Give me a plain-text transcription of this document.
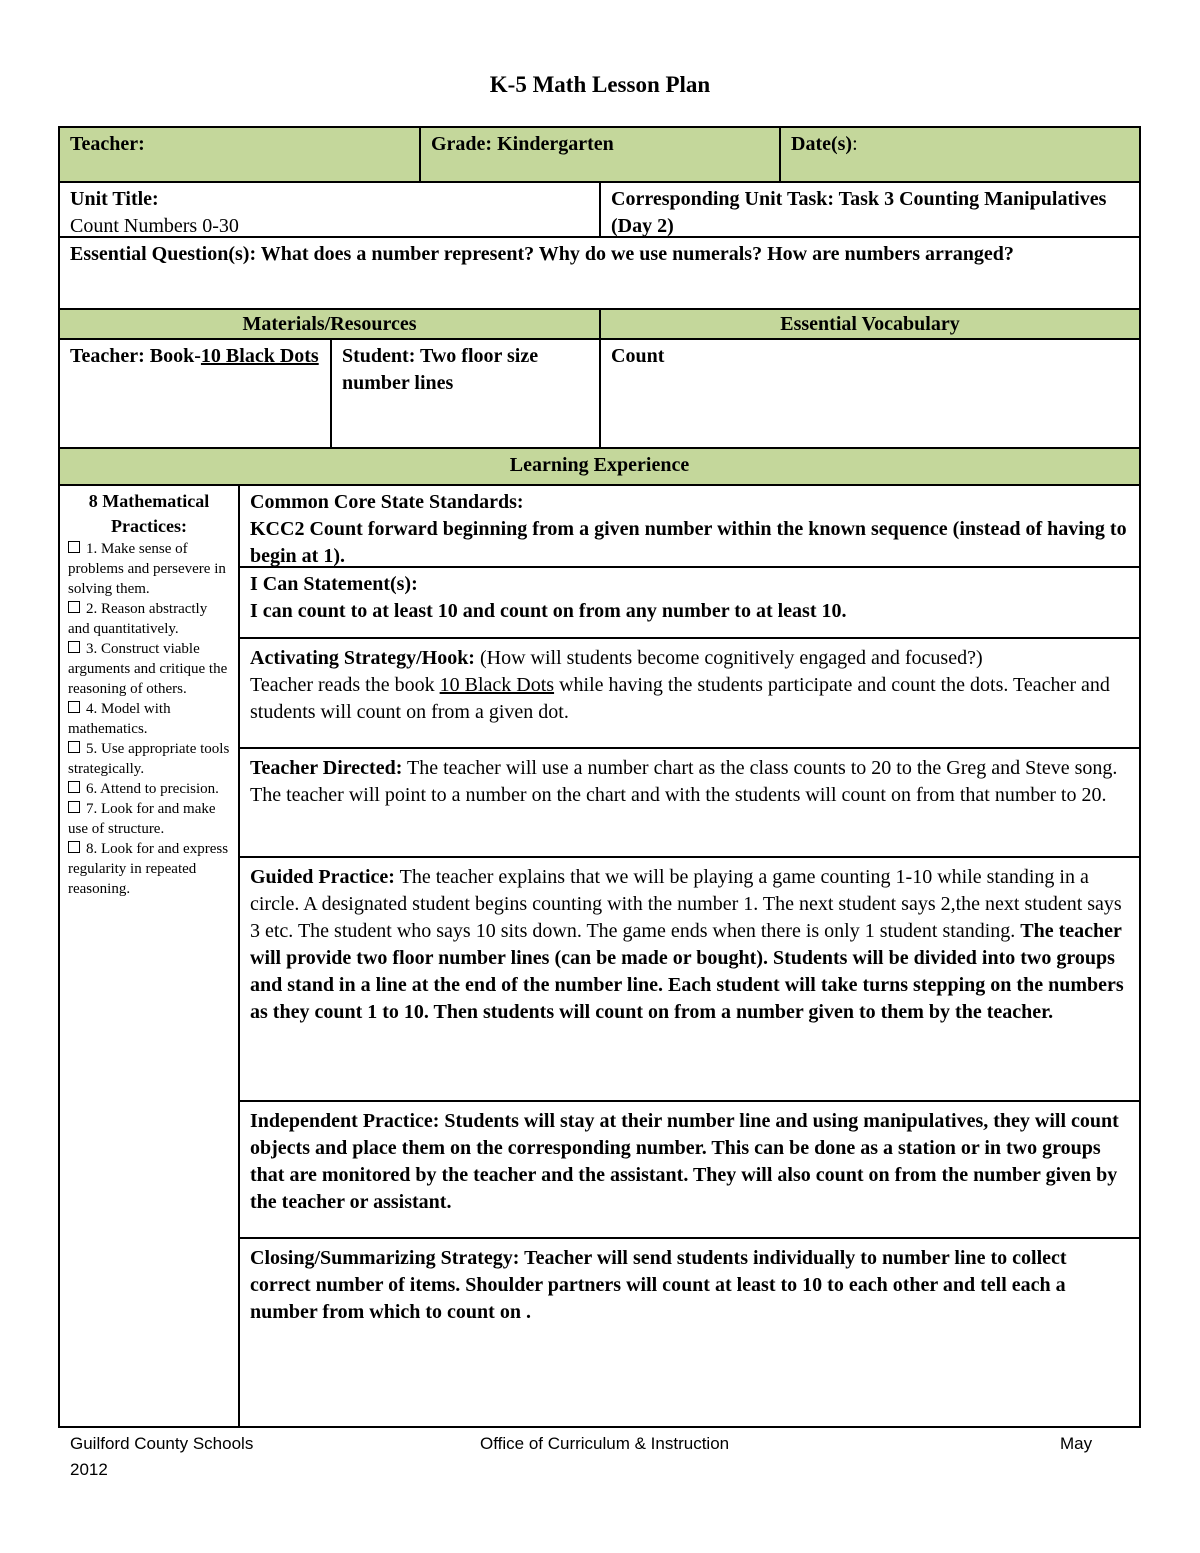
K-5 Math Lesson Plan
Teacher:	Grade: Kindergarten	Date(s):
Unit Title:
Count Numbers 0-30
Corresponding Unit Task: Task 3 Counting Manipulatives (Day 2)
Essential Question(s): What does a number represent? Why do we use numerals? How are numbers arranged?
Materials/Resources	Essential Vocabulary
Teacher: Book-10 Black Dots	Student: Two floor size number lines
Count
Learning Experience
8 Mathematical Practices:
1. Make sense of problems and persevere in solving them.
2. Reason abstractly and quantitatively.
3. Construct viable arguments and critique the reasoning of others.
4. Model with mathematics.
5. Use appropriate tools strategically.
6. Attend to precision.
7. Look for and make use of structure.
8. Look for and express regularity in repeated reasoning.
Common Core State Standards:
KCC2 Count forward beginning from a given number within the known sequence (instead of having to begin at 1).
I Can Statement(s):
I can count to at least 10 and count on from any number to at least 10.
Activating Strategy/Hook: (How will students become cognitively engaged and focused?)
Teacher reads the book 10 Black Dots while having the students participate and count the dots. Teacher and students will count on from a given dot.
Teacher Directed: The teacher will use a number chart as the class counts to 20 to the Greg and Steve song. The teacher will point to a number on the chart and with the students will count on from that number to 20.
Guided Practice: The teacher explains that we will be playing a game counting 1-10 while standing in a circle. A designated student begins counting with the number 1. The next student says 2,the next student says 3 etc. The student who says 10 sits down. The game ends when there is only 1 student standing. The teacher will provide two floor number lines (can be made or bought). Students will be divided into two groups and stand in a line at the end of the number line. Each student will take turns stepping on the numbers as they count 1 to 10. Then students will count on from a number given to them by the teacher.
Independent Practice: Students will stay at their number line and using manipulatives, they will count objects and place them on the corresponding number. This can be done as a station or in two groups that are monitored by the teacher and the assistant. They will also count on from the number given by the teacher or assistant.
Closing/Summarizing Strategy: Teacher will send students individually to number line to collect correct number of items. Shoulder partners will count at least to 10 to each other and tell each a number from which to count on .
Guilford County Schools	Office of Curriculum & Instruction	May
2012
